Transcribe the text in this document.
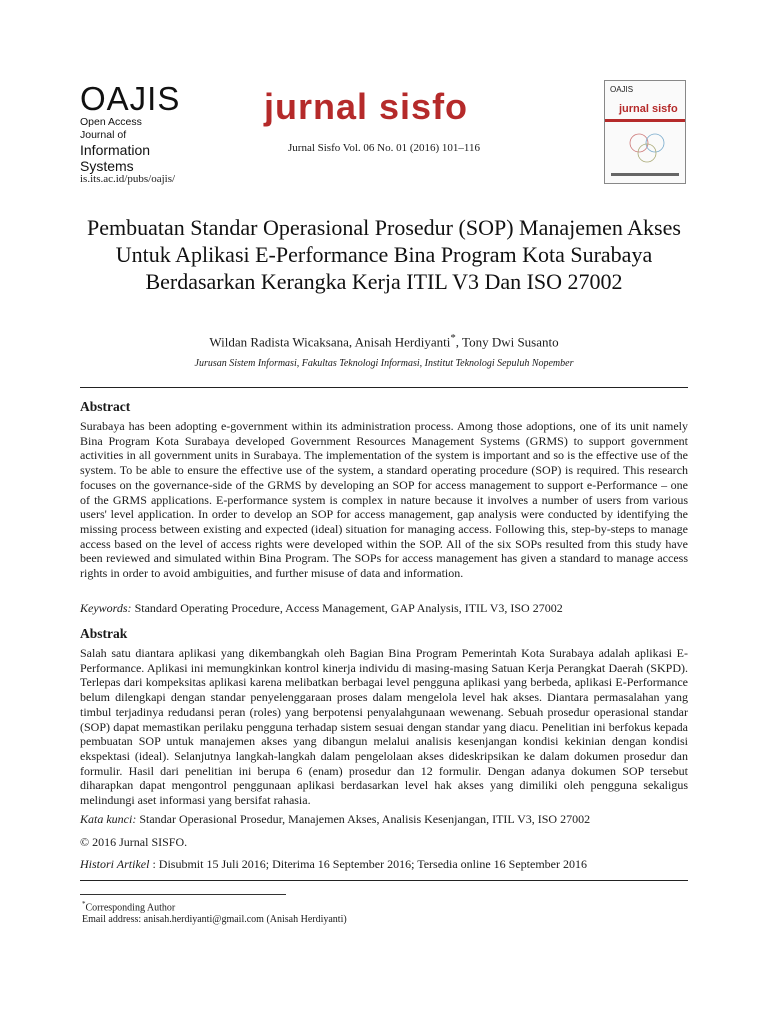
OAJIS
Open Access
Journal of
Information
Systems
is.its.ac.id/pubs/oajis/
jurnal sisfo
Jurnal Sisfo Vol. 06 No. 01 (2016) 101–116
OAJIS
jurnal sisfo
Pembuatan Standar Operasional Prosedur (SOP) Manajemen Akses Untuk Aplikasi E-Performance Bina Program Kota Surabaya Berdasarkan Kerangka Kerja ITIL V3 Dan ISO 27002
Wildan Radista Wicaksana, Anisah Herdiyanti*, Tony Dwi Susanto
Jurusan Sistem Informasi, Fakultas Teknologi Informasi, Institut Teknologi Sepuluh Nopember
Abstract
Surabaya has been adopting e-government within its administration process. Among those adoptions, one of its unit namely Bina Program Kota Surabaya developed Government Resources Management Systems (GRMS) to support government activities in all government units in Surabaya. The implementation of the system is important and so is the effective use of the system. To be able to ensure the effective use of the system, a standard operating procedure (SOP) is required. This research focuses on the governance-side of the GRMS by developing an SOP for access management to support e-Performance – one of the GRMS applications. E-performance system is complex in nature because it involves a number of users from various users' level application. In order to develop an SOP for access management, gap analysis were conducted by identifying the missing process between existing and expected (ideal) situation for managing access. Following this, step-by-steps to manage access based on the level of access rights were developed within the SOP. All of the six SOPs resulted from this study have been reviewed and simulated within Bina Program. The SOPs for access management has given a standard to manage access rights in order to avoid ambiguities, and further misuse of data and information.
Keywords: Standard Operating Procedure, Access Management, GAP Analysis, ITIL V3, ISO 27002
Abstrak
Salah satu diantara aplikasi yang dikembangkah oleh Bagian Bina Program Pemerintah Kota Surabaya adalah aplikasi E-Performance. Aplikasi ini memungkinkan kontrol kinerja individu di masing-masing Satuan Kerja Perangkat Daerah (SKPD). Terlepas dari kompeksitas aplikasi karena melibatkan berbagai level pengguna aplikasi yang berbeda, aplikasi E-Performance belum dilengkapi dengan standar penyelenggaraan proses dalam mengelola level hak akses. Diantara permasalahan yang timbul terjadinya redudansi peran (roles) yang berpotensi penyalahgunaan wewenang. Sebuah prosedur operasional standar (SOP) dapat memastikan perilaku pengguna terhadap sistem sesuai dengan standar yang diacu. Penelitian ini berfokus kepada pembuatan SOP untuk manajemen akses yang dibangun melalui analisis kesenjangan kondisi kekinian dengan kondisi ekspektasi (ideal). Selanjutnya langkah-langkah dalam pengelolaan akses dideskripsikan ke dalam dokumen prosedur dan formulir. Hasil dari penelitian ini berupa 6 (enam) prosedur dan 12 formulir. Dengan adanya dokumen SOP tersebut diharapkan dapat mengontrol penggunaan aplikasi berdasarkan level hak akses yang dimiliki oleh pengguna sekaligus melindungi aset informasi yang bersifat rahasia.
Kata kunci: Standar Operasional Prosedur, Manajemen Akses, Analisis Kesenjangan, ITIL V3, ISO 27002
© 2016 Jurnal SISFO.
Histori Artikel : Disubmit 15 Juli 2016; Diterima 16 September 2016; Tersedia online 16 September 2016
*Corresponding Author
Email address: anisah.herdiyanti@gmail.com (Anisah Herdiyanti)
